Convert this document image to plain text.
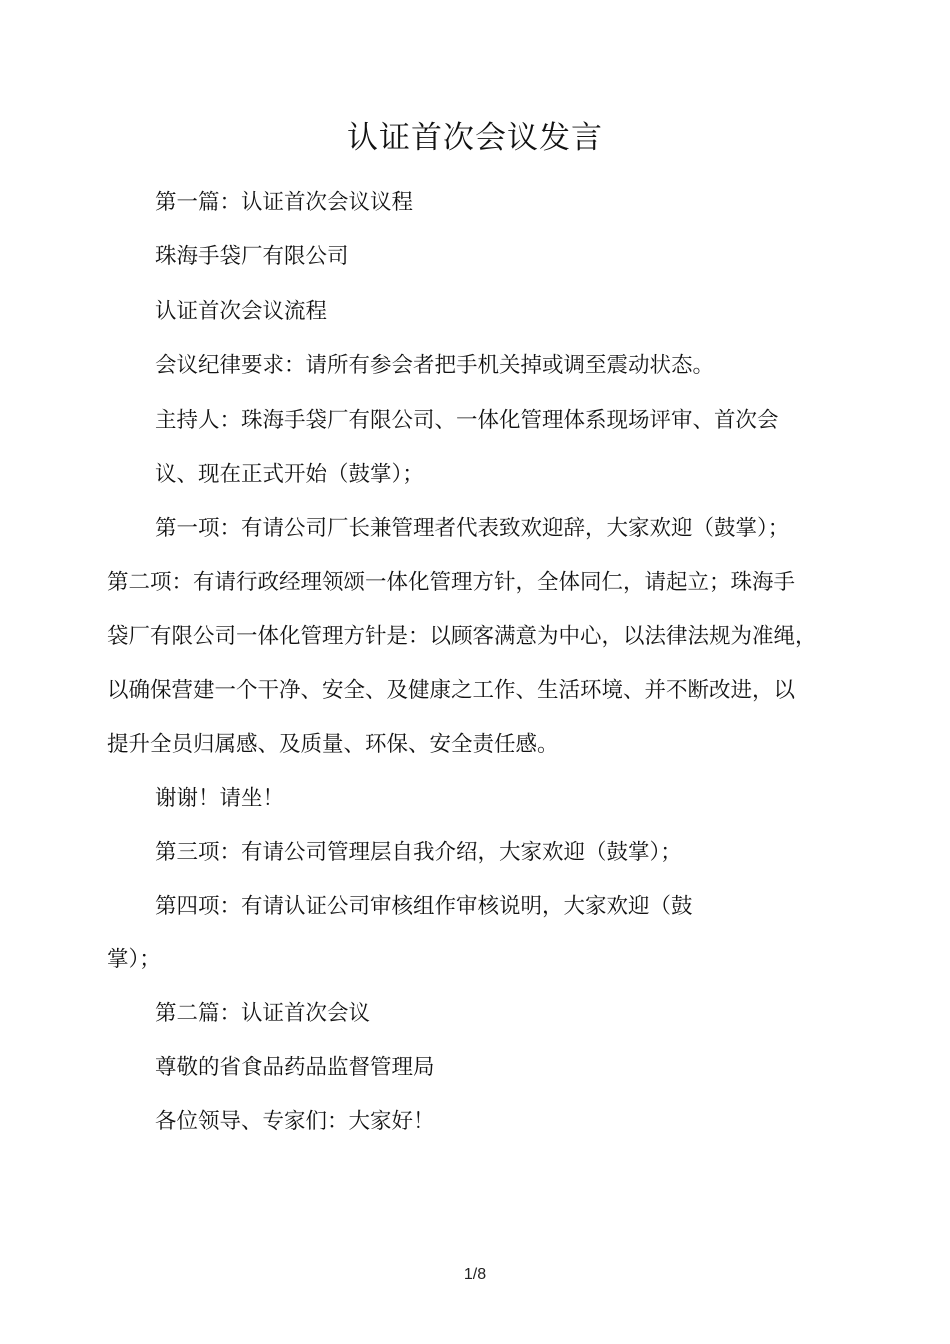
认证首次会议发言
第一篇：认证首次会议议程
珠海手袋厂有限公司
认证首次会议流程
会议纪律要求：请所有参会者把手机关掉或调至震动状态。
主持人：珠海手袋厂有限公司、一体化管理体系现场评审、首次会
议、现在正式开始（鼓掌）；
第一项：有请公司厂长兼管理者代表致欢迎辞，大家欢迎（鼓掌）；
第二项：有请行政经理领颂一体化管理方针，全体同仁，请起立；珠海手
袋厂有限公司一体化管理方针是：以顾客满意为中心，以法律法规为准绳，
以确保营建一个干净、安全、及健康之工作、生活环境、并不断改进，以
提升全员归属感、及质量、环保、安全责任感。
谢谢！请坐！
第三项：有请公司管理层自我介绍，大家欢迎（鼓掌）；
第四项：有请认证公司审核组作审核说明，大家欢迎（鼓
掌）；
第二篇：认证首次会议
尊敬的省食品药品监督管理局
各位领导、专家们：大家好！
1/8
